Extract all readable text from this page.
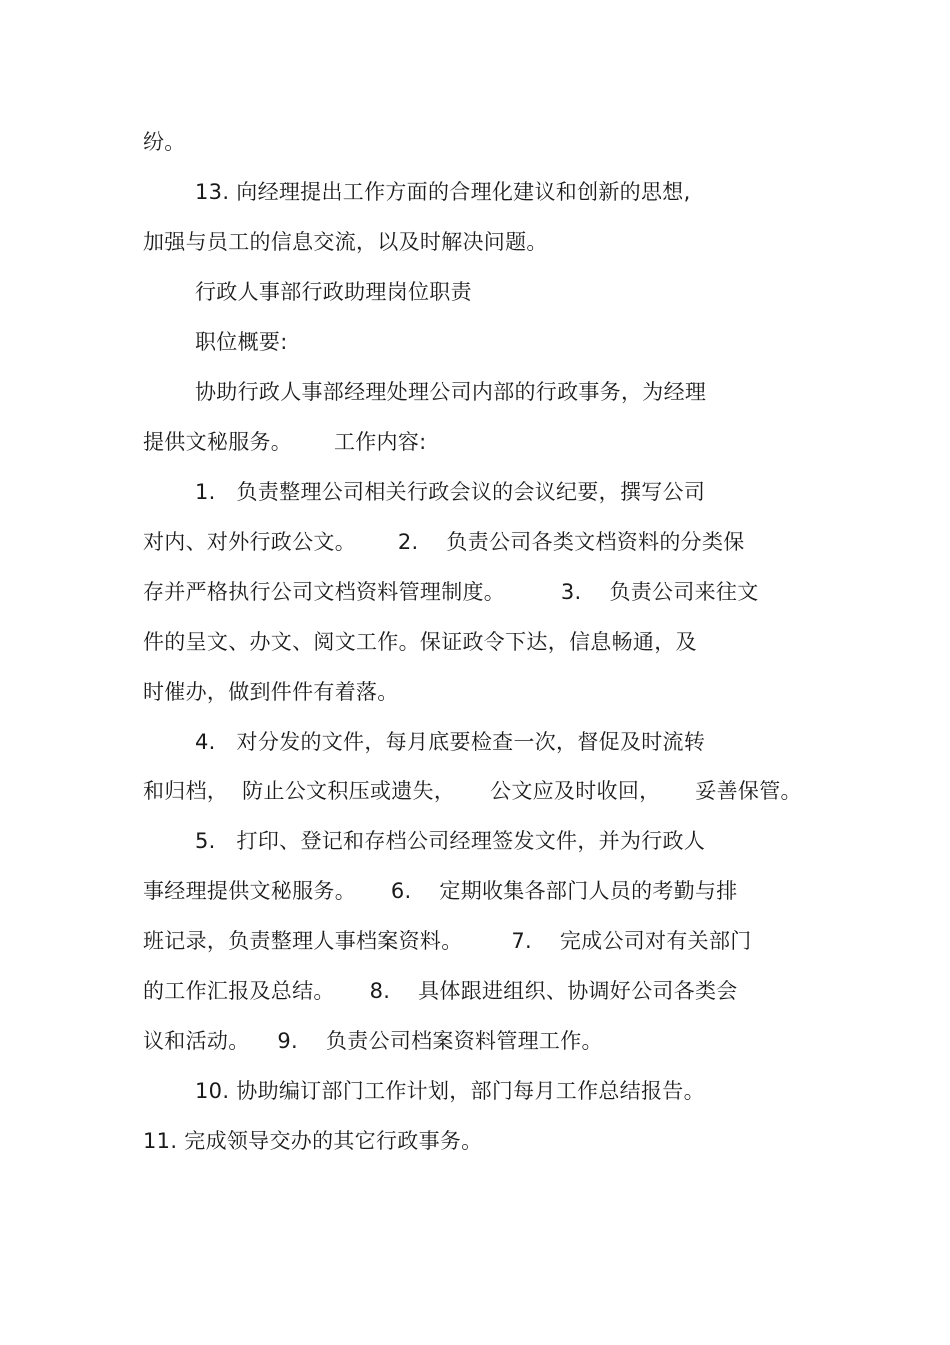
纷。
13. 向经理提出工作方面的合理化建议和创新的思想,
加强与员工的信息交流，以及时解决问题。
行政人事部行政助理岗位职责
职位概要:
协助行政人事部经理处理公司内部的行政事务，为经理
提供文秘服务。      工作内容:
1.   负责整理公司相关行政会议的会议纪要，撰写公司
对内、对外行政公文。      2.    负责公司各类文档资料的分类保
存并严格执行公司文档资料管理制度。        3.    负责公司来往文
件的呈文、办文、阅文工作。保证政令下达，信息畅通，及
时催办，做到件件有着落。
4.   对分发的文件，每月底要检查一次，督促及时流转
和归档，  防止公文积压或遗失，     公文应及时收回，     妥善保管。
5.   打印、登记和存档公司经理签发文件，并为行政人
事经理提供文秘服务。     6.    定期收集各部门人员的考勤与排
班记录，负责整理人事档案资料。       7.    完成公司对有关部门
的工作汇报及总结。     8.    具体跟进组织、协调好公司各类会
议和活动。    9.    负责公司档案资料管理工作。
10. 协助编订部门工作计划，部门每月工作总结报告。
11. 完成领导交办的其它行政事务。
